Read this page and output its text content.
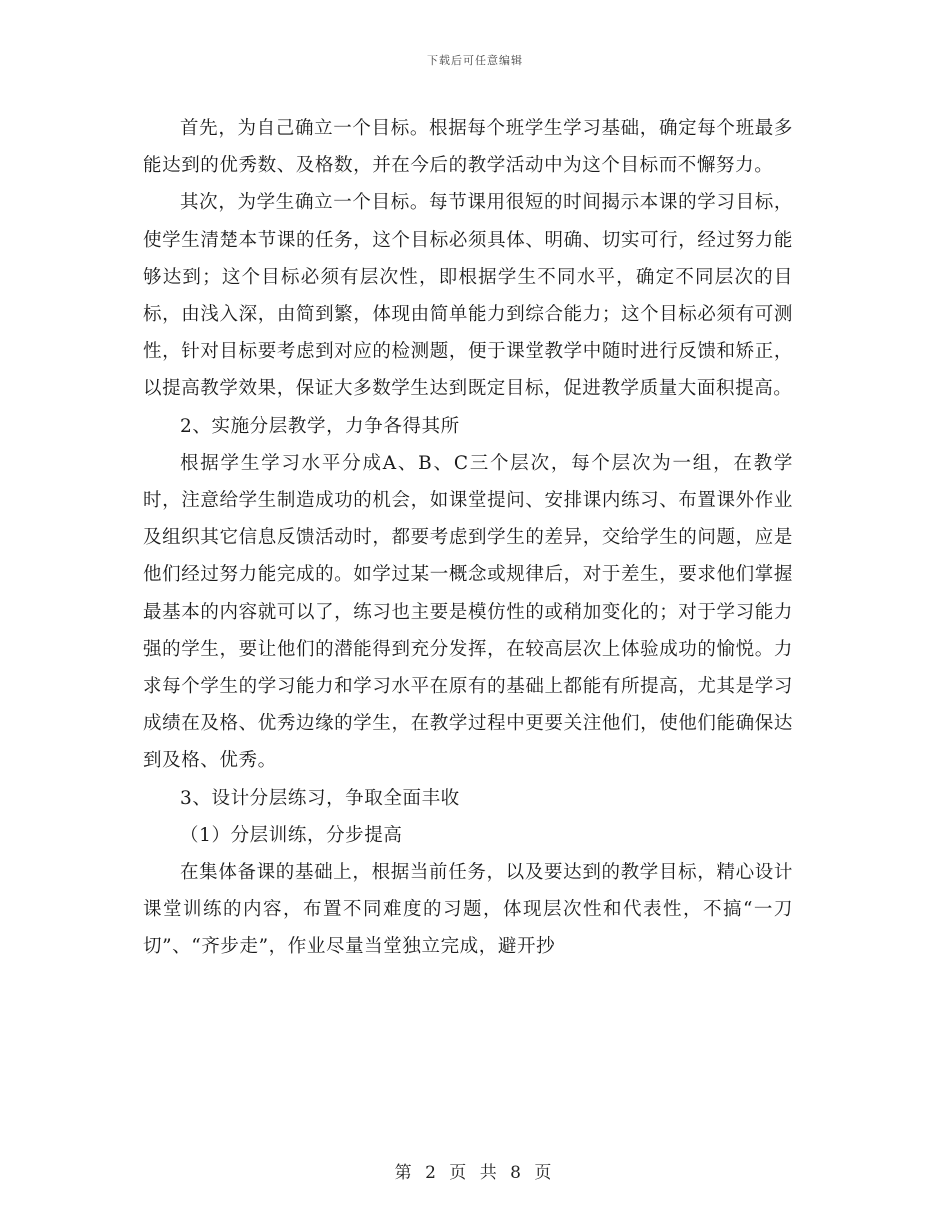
下载后可任意编辑

首先，为自己确立一个目标。根据每个班学生学习基础，确定每个班最多能达到的优秀数、及格数，并在今后的教学活动中为这个目标而不懈努力。

其次，为学生确立一个目标。每节课用很短的时间揭示本课的学习目标，使学生清楚本节课的任务，这个目标必须具体、明确、切实可行，经过努力能够达到；这个目标必须有层次性，即根据学生不同水平，确定不同层次的目标，由浅入深，由简到繁，体现由简单能力到综合能力；这个目标必须有可测性，针对目标要考虑到对应的检测题，便于课堂教学中随时进行反馈和矫正，以提高教学效果，保证大多数学生达到既定目标，促进教学质量大面积提高。

2、实施分层教学，力争各得其所

根据学生学习水平分成A、B、C三个层次，每个层次为一组，在教学时，注意给学生制造成功的机会，如课堂提问、安排课内练习、布置课外作业及组织其它信息反馈活动时，都要考虑到学生的差异，交给学生的问题，应是他们经过努力能完成的。如学过某一概念或规律后，对于差生，要求他们掌握最基本的内容就可以了，练习也主要是模仿性的或稍加变化的；对于学习能力强的学生，要让他们的潜能得到充分发挥，在较高层次上体验成功的愉悦。力求每个学生的学习能力和学习水平在原有的基础上都能有所提高，尤其是学习成绩在及格、优秀边缘的学生，在教学过程中更要关注他们，使他们能确保达到及格、优秀。

3、设计分层练习，争取全面丰收

（1）分层训练，分步提高

在集体备课的基础上，根据当前任务，以及要达到的教学目标，精心设计课堂训练的内容，布置不同难度的习题，体现层次性和代表性，不搞“一刀切”、“齐步走”，作业尽量当堂独立完成，避开抄

第 2 页 共 8 页
